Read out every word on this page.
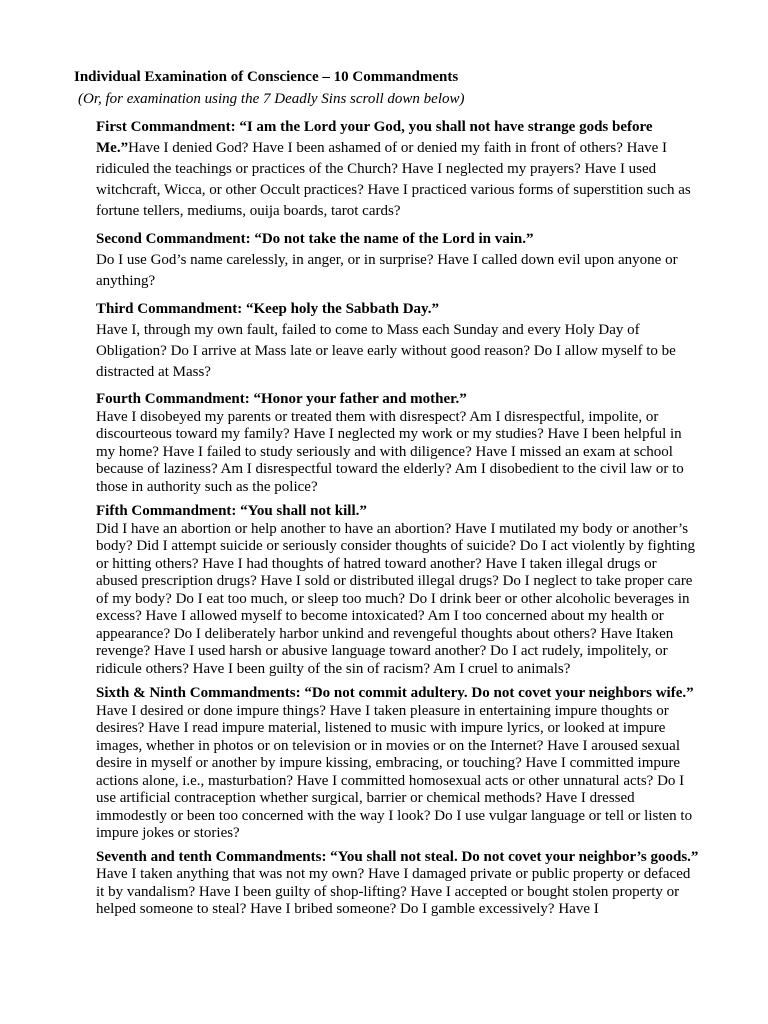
Individual Examination of Conscience – 10 Commandments

(Or, for examination using the 7 Deadly Sins scroll down below)

First Commandment: “I am the Lord your God, you shall not have strange gods before Me.”Have I denied God? Have I been ashamed of or denied my faith in front of others? Have I ridiculed the teachings or practices of the Church? Have I neglected my prayers? Have I used witchcraft, Wicca, or other Occult practices? Have I practiced various forms of superstition such as fortune tellers, mediums, ouija boards, tarot cards?
Second Commandment: “Do not take the name of the Lord in vain.”
Do I use God’s name carelessly, in anger, or in surprise? Have I called down evil upon anyone or anything?
Third Commandment: “Keep holy the Sabbath Day.”
Have I, through my own fault, failed to come to Mass each Sunday and every Holy Day of Obligation? Do I arrive at Mass late or leave early without good reason? Do I allow myself to be distracted at Mass?
Fourth Commandment: “Honor your father and mother.”
Have I disobeyed my parents or treated them with disrespect? Am I disrespectful, impolite, or discourteous toward my family? Have I neglected my work or my studies? Have I been helpful in my home? Have I failed to study seriously and with diligence? Have I missed an exam at school because of laziness? Am I disrespectful toward the elderly? Am I disobedient to the civil law or to those in authority such as the police?
Fifth Commandment: “You shall not kill.”
Did I have an abortion or help another to have an abortion? Have I mutilated my body or another’s body? Did I attempt suicide or seriously consider thoughts of suicide? Do I act violently by fighting or hitting others? Have I had thoughts of hatred toward another? Have I taken illegal drugs or abused prescription drugs? Have I sold or distributed illegal drugs? Do I neglect to take proper care of my body? Do I eat too much, or sleep too much? Do I drink beer or other alcoholic beverages in excess? Have I allowed myself to become intoxicated? Am I too concerned about my health or appearance? Do I deliberately harbor unkind and revengeful thoughts about others? Have Itaken revenge? Have I used harsh or abusive language toward another? Do I act rudely, impolitely, or ridicule others? Have I been guilty of the sin of racism? Am I cruel to animals?
Sixth & Ninth Commandments: “Do not commit adultery. Do not covet your neighbors wife.”
Have I desired or done impure things? Have I taken pleasure in entertaining impure thoughts or desires? Have I read impure material, listened to music with impure lyrics, or looked at impure images, whether in photos or on television or in movies or on the Internet? Have I aroused sexual desire in myself or another by impure kissing, embracing, or touching? Have I committed impure actions alone, i.e., masturbation? Have I committed homosexual acts or other unnatural acts? Do I use artificial contraception whether surgical, barrier or chemical methods? Have I dressed immodestly or been too concerned with the way I look? Do I use vulgar language or tell or listen to impure jokes or stories?
Seventh and tenth Commandments: “You shall not steal. Do not covet your neighbor’s goods.”
Have I taken anything that was not my own? Have I damaged private or public property or defaced it by vandalism? Have I been guilty of shop-lifting? Have I accepted or bought stolen property or helped someone to steal? Have I bribed someone? Do I gamble excessively? Have I
